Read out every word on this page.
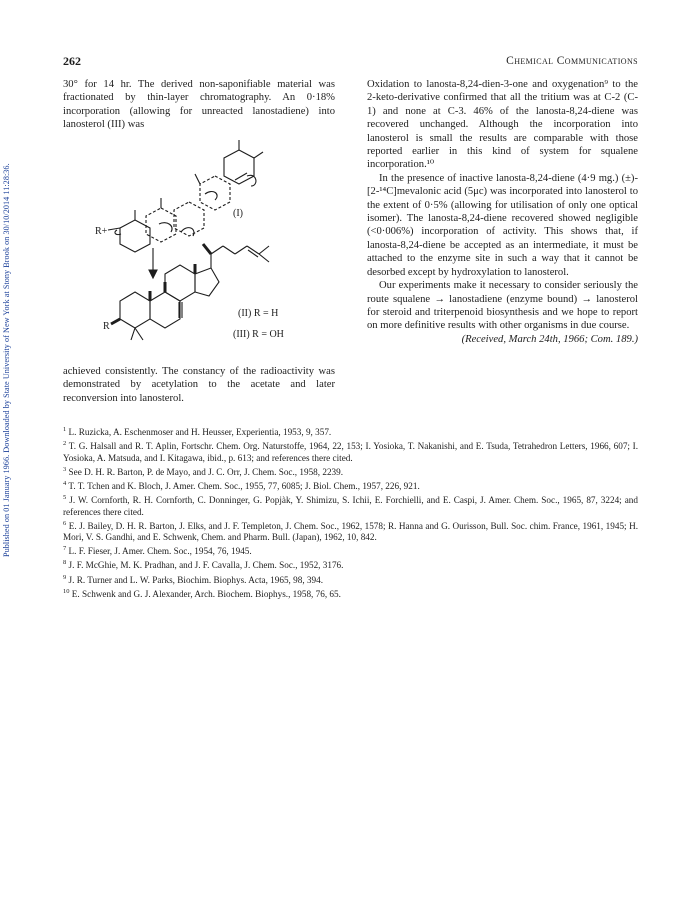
Published on 01 January 1966. Downloaded by State University of New York at Stony Brook on 30/10/2014 11:28:36.
262	Chemical Communications

30° for 14 hr. The derived non-saponifiable material was fractionated by thin-layer chromatography. An 0·18% incorporation (allowing for unreacted lanostadiene) into lanosterol (III) was

(I)
R+
(II) R = H
(III) R = OH
R

achieved consistently. The constancy of the radioactivity was demonstrated by acetylation to the acetate and later reconversion into lanosterol.

Oxidation to lanosta-8,24-dien-3-one and oxygenation⁹ to the 2-keto-derivative confirmed that all the tritium was at C-2 (C-1) and none at C-3. 46% of the lanosta-8,24-diene was recovered unchanged. Although the incorporation into lanosterol is small the results are comparable with those reported earlier in this kind of system for squalene incorporation.¹⁰

In the presence of inactive lanosta-8,24-diene (4·9 mg.) (±)-[2-¹⁴C]mevalonic acid (5μc) was incorporated into lanosterol to the extent of 0·5% (allowing for utilisation of only one optical isomer). The lanosta-8,24-diene recovered showed negligible (<0·006%) incorporation of activity. This shows that, if lanosta-8,24-diene be accepted as an intermediate, it must be attached to the enzyme site in such a way that it cannot be desorbed except by hydroxylation to lanosterol.

Our experiments make it necessary to consider seriously the route squalene → lanostadiene (enzyme bound) → lanosterol for steroid and triterpenoid biosynthesis and we hope to report on more definitive results with other organisms in due course.

(Received, March 24th, 1966; Com. 189.)

$^1$ L. Ruzicka, A. Eschenmoser and H. Heusser, Experientia, 1953, 9, 357.

$^2$ T. G. Halsall and R. T. Aplin, Fortschr. Chem. Org. Naturstoffe, 1964, 22, 153; I. Yosioka, T. Nakanishi, and E. Tsuda, Tetrahedron Letters, 1966, 607; I. Yosioka, A. Matsuda, and I. Kitagawa, ibid., p. 613; and references there cited.

$^3$ See D. H. R. Barton, P. de Mayo, and J. C. Orr, J. Chem. Soc., 1958, 2239.

$^4$ T. T. Tchen and K. Bloch, J. Amer. Chem. Soc., 1955, 77, 6085; J. Biol. Chem., 1957, 226, 921.

$^5$ J. W. Cornforth, R. H. Cornforth, C. Donninger, G. Popjàk, Y. Shimizu, S. Ichii, E. Forchielli, and E. Caspi, J. Amer. Chem. Soc., 1965, 87, 3224; and references there cited.

$^6$ E. J. Bailey, D. H. R. Barton, J. Elks, and J. F. Templeton, J. Chem. Soc., 1962, 1578; R. Hanna and G. Ourisson, Bull. Soc. chim. France, 1961, 1945; H. Mori, V. S. Gandhi, and E. Schwenk, Chem. and Pharm. Bull. (Japan), 1962, 10, 842.

$^7$ L. F. Fieser, J. Amer. Chem. Soc., 1954, 76, 1945.

$^8$ J. F. McGhie, M. K. Pradhan, and J. F. Cavalla, J. Chem. Soc., 1952, 3176.

$^9$ J. R. Turner and L. W. Parks, Biochim. Biophys. Acta, 1965, 98, 394.

$^{10}$ E. Schwenk and G. J. Alexander, Arch. Biochem. Biophys., 1958, 76, 65.
